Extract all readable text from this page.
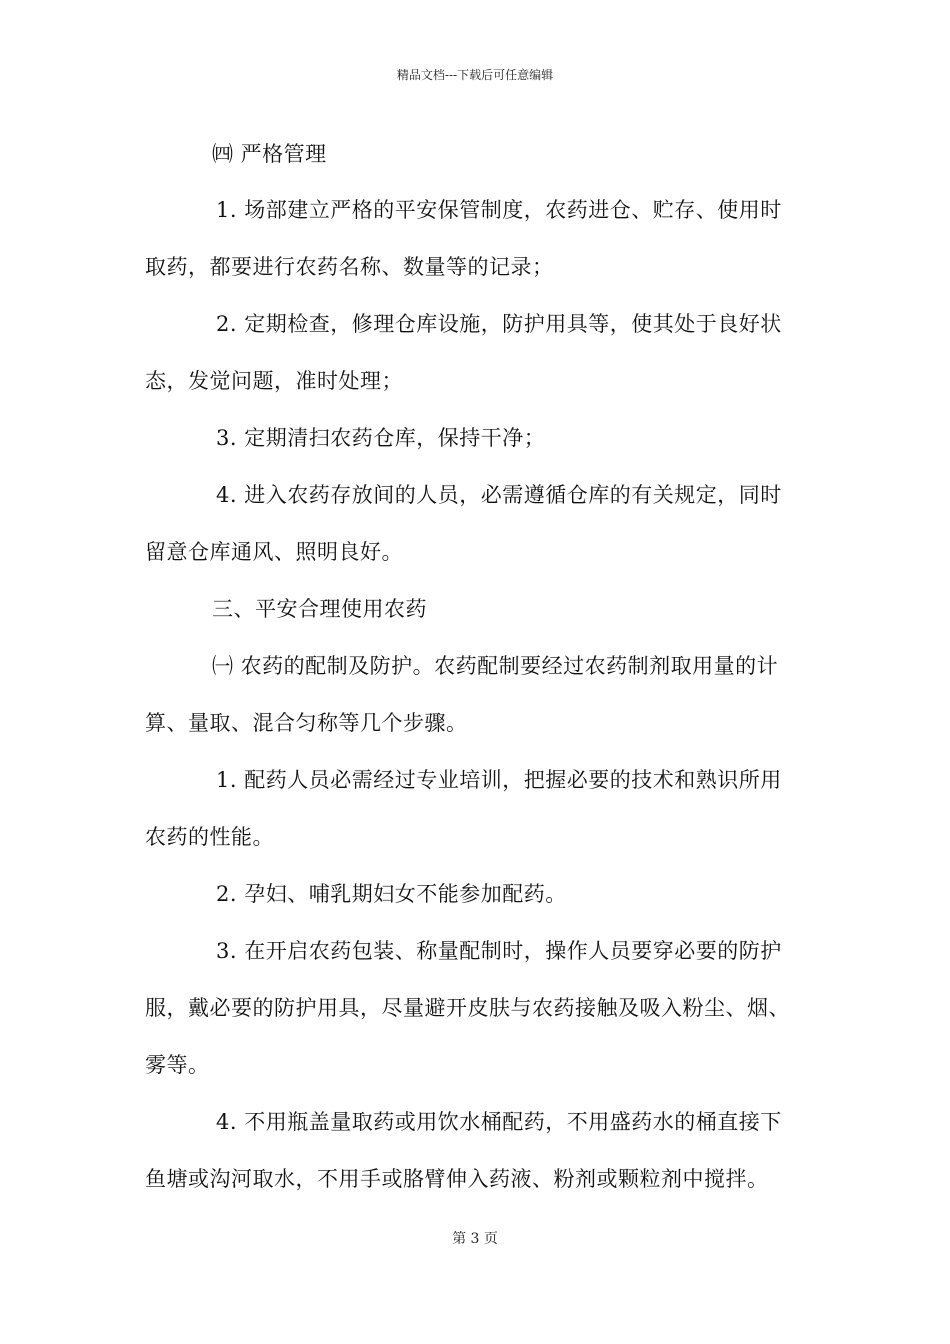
精品文档---下载后可任意编辑
㈣ 严格管理
1. 场部建立严格的平安保管制度，农药进仓、贮存、使用时
取药，都要进行农药名称、数量等的记录；
2. 定期检查，修理仓库设施，防护用具等，使其处于良好状
态，发觉问题，准时处理；
3. 定期清扫农药仓库，保持干净；
4. 进入农药存放间的人员，必需遵循仓库的有关规定，同时
留意仓库通风、照明良好。
三、平安合理使用农药
㈠ 农药的配制及防护。农药配制要经过农药制剂取用量的计
算、量取、混合匀称等几个步骤。
1. 配药人员必需经过专业培训，把握必要的技术和熟识所用
农药的性能。
2. 孕妇、哺乳期妇女不能参加配药。
3. 在开启农药包装、称量配制时，操作人员要穿必要的防护
服，戴必要的防护用具，尽量避开皮肤与农药接触及吸入粉尘、烟、
雾等。
4. 不用瓶盖量取药或用饮水桶配药，不用盛药水的桶直接下
鱼塘或沟河取水，不用手或胳臂伸入药液、粉剂或颗粒剂中搅拌。
第 3 页
